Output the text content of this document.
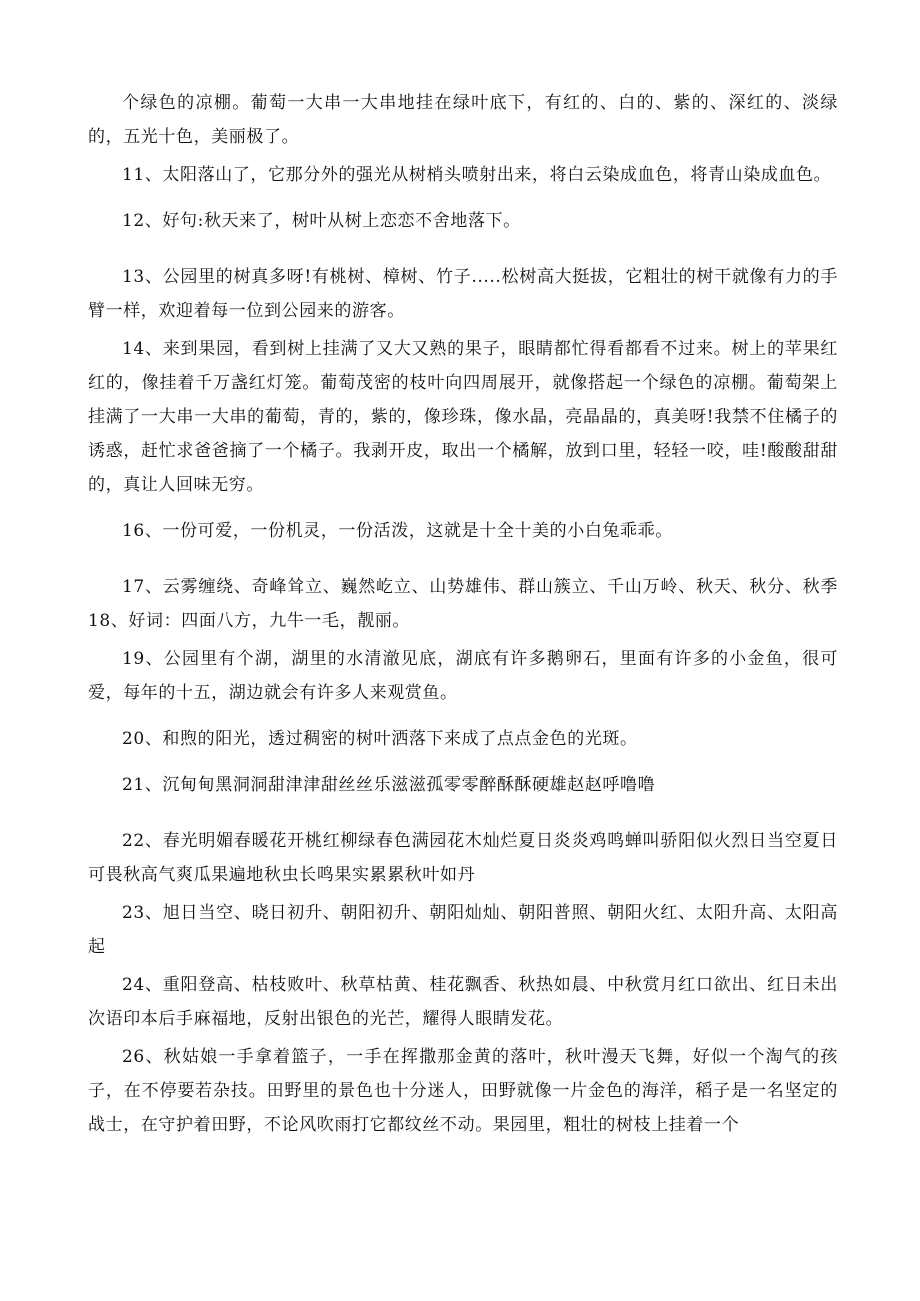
个绿色的凉棚。葡萄一大串一大串地挂在绿叶底下，有红的、白的、紫的、深红的、淡绿的，五光十色，美丽极了。

11、太阳落山了，它那分外的强光从树梢头喷射出来，将白云染成血色，将青山染成血色。

12、好句:秋天来了，树叶从树上恋恋不舍地落下。

13、公园里的树真多呀!有桃树、樟树、竹子.....松树高大挺拔，它粗壮的树干就像有力的手臂一样，欢迎着每一位到公园来的游客。

14、来到果园，看到树上挂满了又大又熟的果子，眼睛都忙得看都看不过来。树上的苹果红红的，像挂着千万盏红灯笼。葡萄茂密的枝叶向四周展开，就像搭起一个绿色的凉棚。葡萄架上挂满了一大串一大串的葡萄，青的，紫的，像珍珠，像水晶，亮晶晶的，真美呀!我禁不住橘子的诱惑，赶忙求爸爸摘了一个橘子。我剥开皮，取出一个橘解，放到口里，轻轻一咬，哇!酸酸甜甜的，真让人回味无穷。

16、一份可爱，一份机灵，一份活泼，这就是十全十美的小白兔乖乖。

17、云雾缠绕、奇峰耸立、巍然屹立、山势雄伟、群山簇立、千山万岭、秋天、秋分、秋季18、好词：四面八方，九牛一毛，靓丽。

19、公园里有个湖，湖里的水清澈见底，湖底有许多鹅卵石，里面有许多的小金鱼，很可爱，每年的十五，湖边就会有许多人来观赏鱼。

20、和煦的阳光，透过稠密的树叶洒落下来成了点点金色的光斑。

21、沉甸甸黑洞洞甜津津甜丝丝乐滋滋孤零零醉酥酥硬雄赵赵呼噜噜

22、春光明媚春暖花开桃红柳绿春色满园花木灿烂夏日炎炎鸡鸣蝉叫骄阳似火烈日当空夏日可畏秋高气爽瓜果遍地秋虫长鸣果实累累秋叶如丹

23、旭日当空、晓日初升、朝阳初升、朝阳灿灿、朝阳普照、朝阳火红、太阳升高、太阳高起

24、重阳登高、枯枝败叶、秋草枯黄、桂花飘香、秋热如晨、中秋赏月红口欲出、红日未出次语印本后手麻福地，反射出银色的光芒，耀得人眼睛发花。

26、秋姑娘一手拿着篮子，一手在挥撒那金黄的落叶，秋叶漫天飞舞，好似一个淘气的孩子，在不停要若杂技。田野里的景色也十分迷人，田野就像一片金色的海洋，稻子是一名坚定的战士，在守护着田野，不论风吹雨打它都纹丝不动。果园里，粗壮的树枝上挂着一个
